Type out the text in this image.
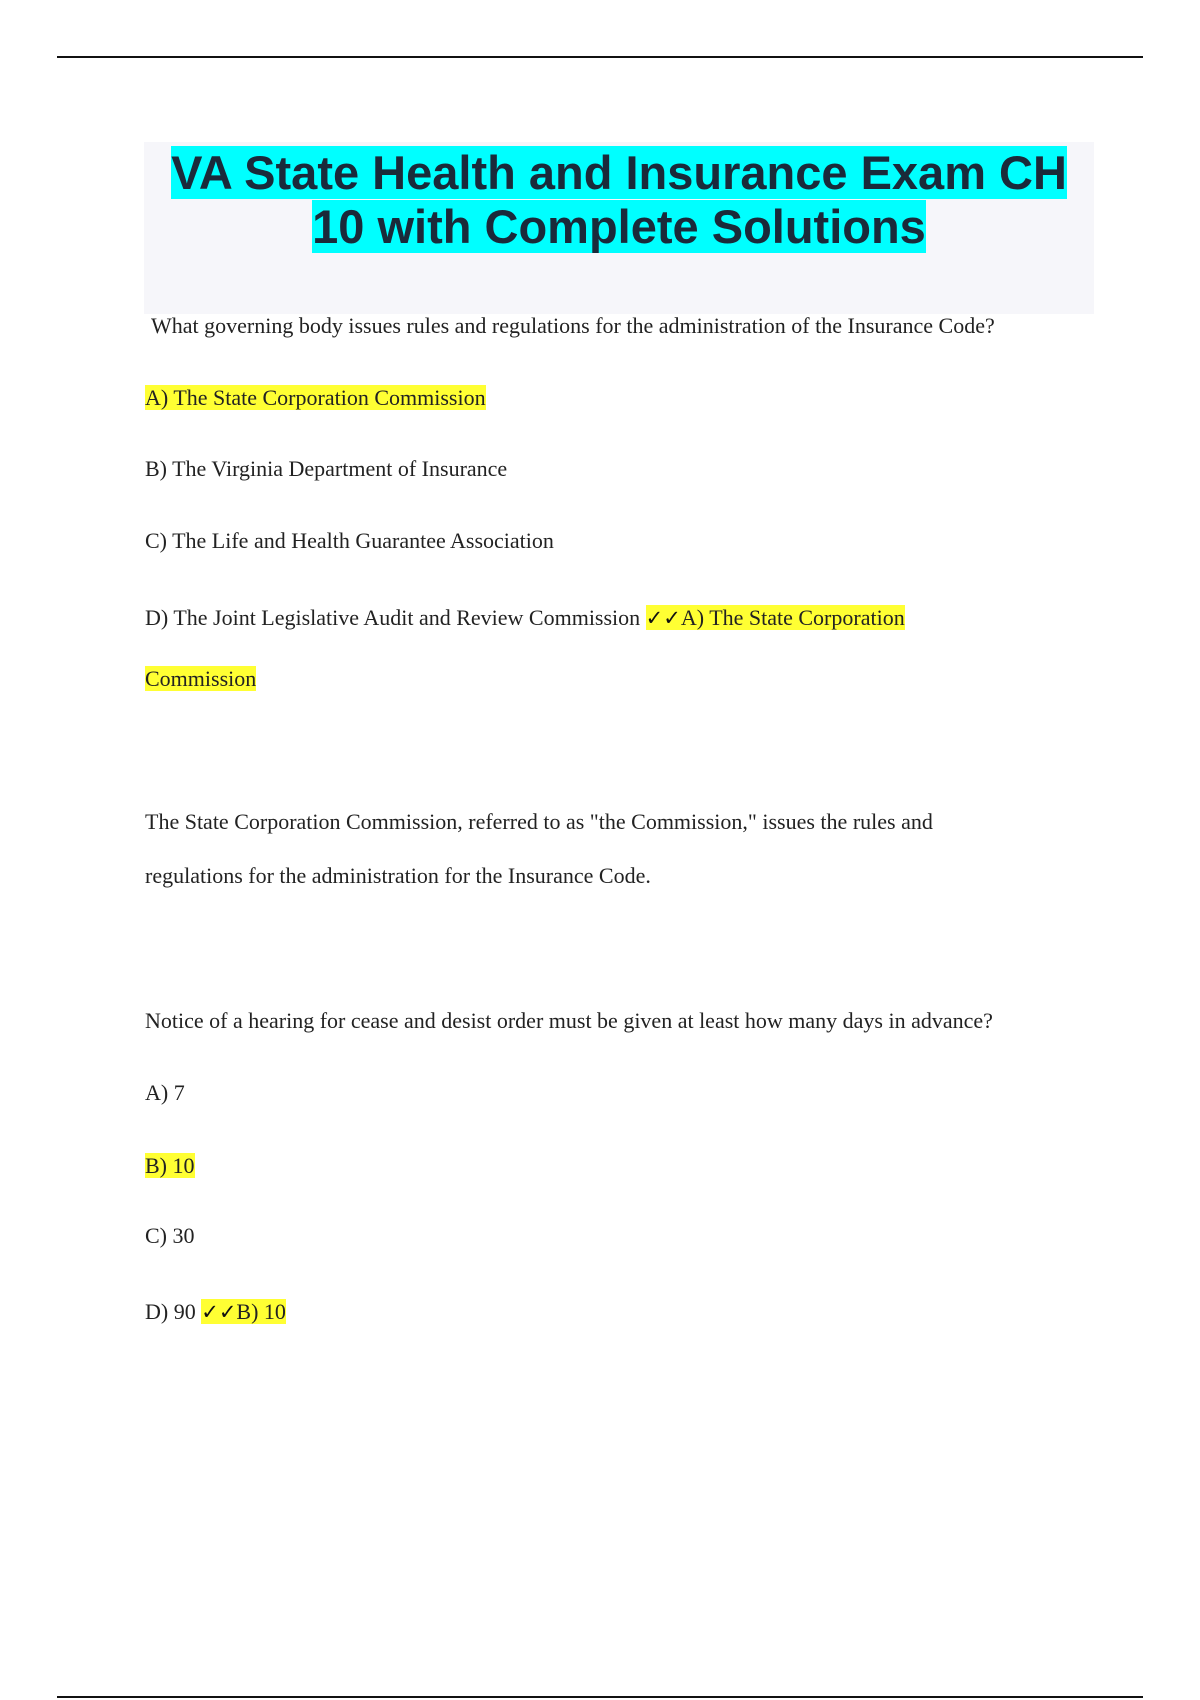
VA State Health and Insurance Exam CH
10 with Complete Solutions
What governing body issues rules and regulations for the administration of the Insurance Code?
A) The State Corporation Commission
B) The Virginia Department of Insurance
C) The Life and Health Guarantee Association
D) The Joint Legislative Audit and Review Commission ✓✓A) The State Corporation
Commission
The State Corporation Commission, referred to as "the Commission," issues the rules and
regulations for the administration for the Insurance Code.
Notice of a hearing for cease and desist order must be given at least how many days in advance?
A) 7
B) 10
C) 30
D) 90 ✓✓B) 10
